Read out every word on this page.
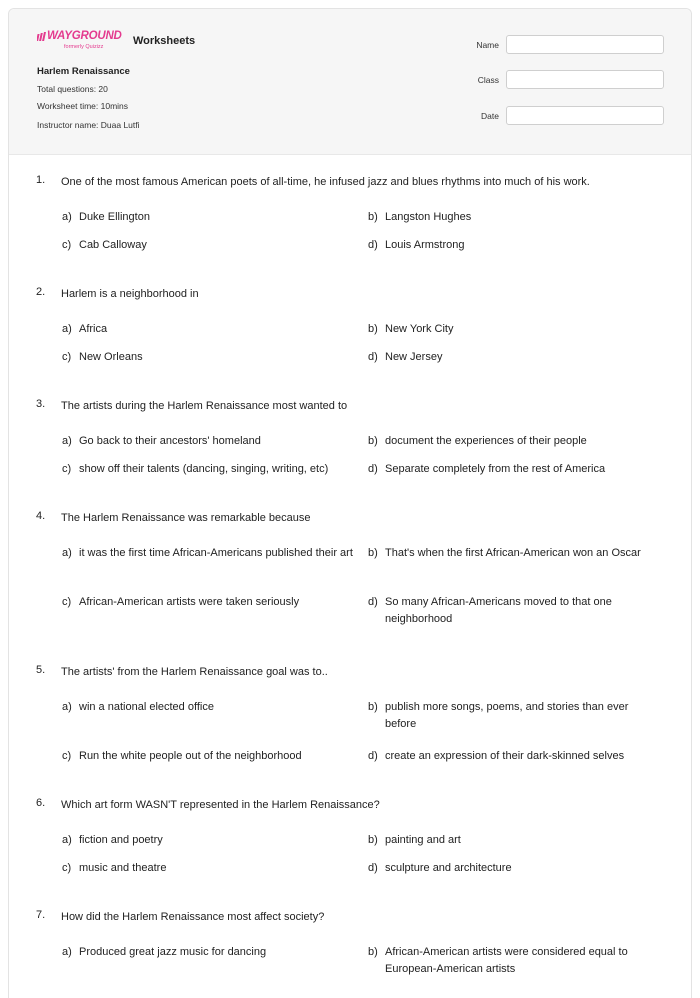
WAYGROUND
formerly Quizizz	Worksheets
Harlem Renaissance
Total questions: 20
Worksheet time: 10mins
Instructor name: Duaa Lutfi
Name
Class
Date
1. One of the most famous American poets of all-time, he infused jazz and blues rhythms into much of his work.
a) Duke Ellington	b) Langston Hughes
c) Cab Calloway	d) Louis Armstrong
2. Harlem is a neighborhood in
a) Africa	b) New York City
c) New Orleans	d) New Jersey
3. The artists during the Harlem Renaissance most wanted to
a) Go back to their ancestors' homeland	b) document the experiences of their people
c) show off their talents (dancing, singing, writing, etc)	d) Separate completely from the rest of America
4. The Harlem Renaissance was remarkable because
a) it was the first time African-Americans published their art	b) That's when the first African-American won an Oscar
c) African-American artists were taken seriously	d) So many African-Americans moved to that one neighborhood
5. The artists' from the Harlem Renaissance goal was to..
a) win a national elected office	b) publish more songs, poems, and stories than ever before
c) Run the white people out of the neighborhood	d) create an expression of their dark-skinned selves
6. Which art form WASN'T represented in the Harlem Renaissance?
a) fiction and poetry	b) painting and art
c) music and theatre	d) sculpture and architecture
7. How did the Harlem Renaissance most affect society?
a) Produced great jazz music for dancing	b) African-American artists were considered equal to European-American artists
